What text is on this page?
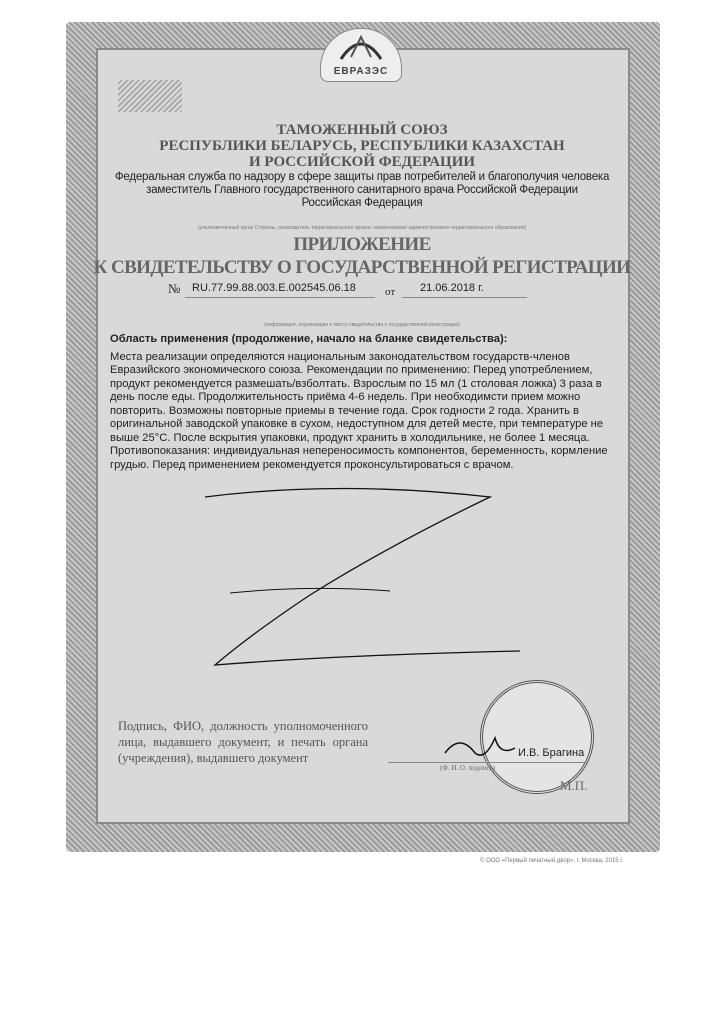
ЕВРАЗЭС
ТАМОЖЕННЫЙ СОЮЗ
РЕСПУБЛИКИ БЕЛАРУСЬ, РЕСПУБЛИКИ КАЗАХСТАН
И РОССИЙСКОЙ ФЕДЕРАЦИИ
Федеральная служба по надзору в сфере защиты прав потребителей и благополучия человека
заместитель Главного государственного санитарного врача Российской Федерации
Российская Федерация
(уполномоченный орган Стороны, руководитель территориального органа: наименование административно-территориального образования)
ПРИЛОЖЕНИЕ
К СВИДЕТЕЛЬСТВУ О ГОСУДАРСТВЕННОЙ РЕГИСТРАЦИИ
№ RU.77.99.88.003.E.002545.06.18	от 21.06.2018 г.
(информация, подлежащая к тексту свидетельства о государственной регистрации)
Область применения (продолжение, начало на бланке свидетельства):
Места реализации определяются национальным законодательством государств-членов Евразийского экономического союза. Рекомендации по применению: Перед употреблением, продукт рекомендуется размешать/взболтать. Взрослым по 15 мл (1 столовая ложка) 3 раза в день после еды. Продолжительность приёма 4-6 недель. При необходимсти прием можно повторить. Возможны повторные приемы в течение года. Срок годности 2 года. Хранить в оригинальной заводской упаковке в сухом, недоступном для детей месте, при температуре не выше 25°C. После вскрытия упаковки, продукт хранить в холодильнике, не более 1 месяца. Противопоказания: индивидуальная непереносимость компонентов, беременность, кормление грудью. Перед применением рекомендуется проконсультироваться с врачом.
Подпись, ФИО, должность уполномоченного лица, выдавшего документ, и печать органа (учреждения), выдавшего документ	И.В. Брагина
(Ф. И. О. подпись)
М.П.
© ООО «Первый печатный двор», г. Москва, 2015 г.
